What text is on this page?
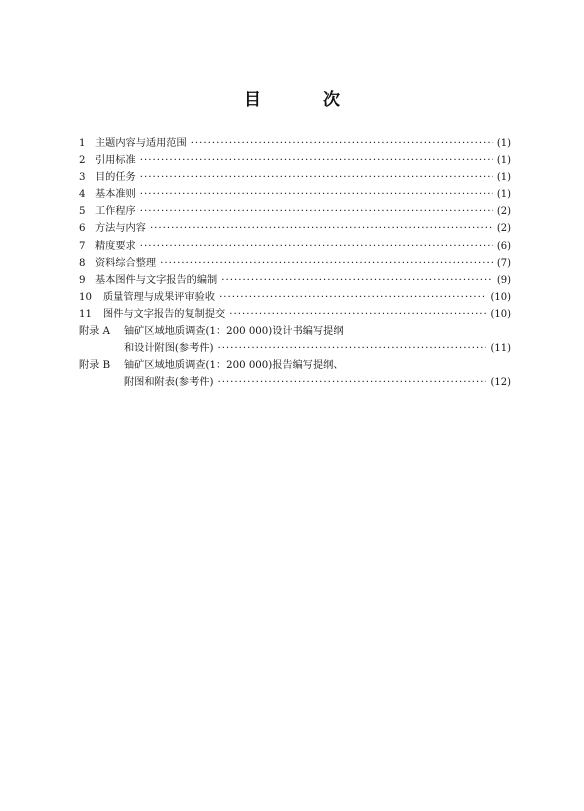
目 次
1 主题内容与适用范围 ·····	(1)
2 引用标准 ·····	(1)
3 目的任务 ·····	(1)
4 基本准则 ·····	(1)
5 工作程序 ·····	(2)
6 方法与内容 ·····	(2)
7 精度要求 ·····	(6)
8 资料综合整理 ·····	(7)
9 基本图件与文字报告的编制 ·····	(9)
10	质量管理与成果评审验收 ·····	(10)
11	图件与文字报告的复制提交 ·····	(10)
附录 A	铀矿区域地质调查(1：200 000)设计书编写提纲
和设计附图(参考件) ·····	(11)
附录 B	铀矿区域地质调查(1：200 000)报告编写提纲、
附图和附表(参考件) ·····	(12)
